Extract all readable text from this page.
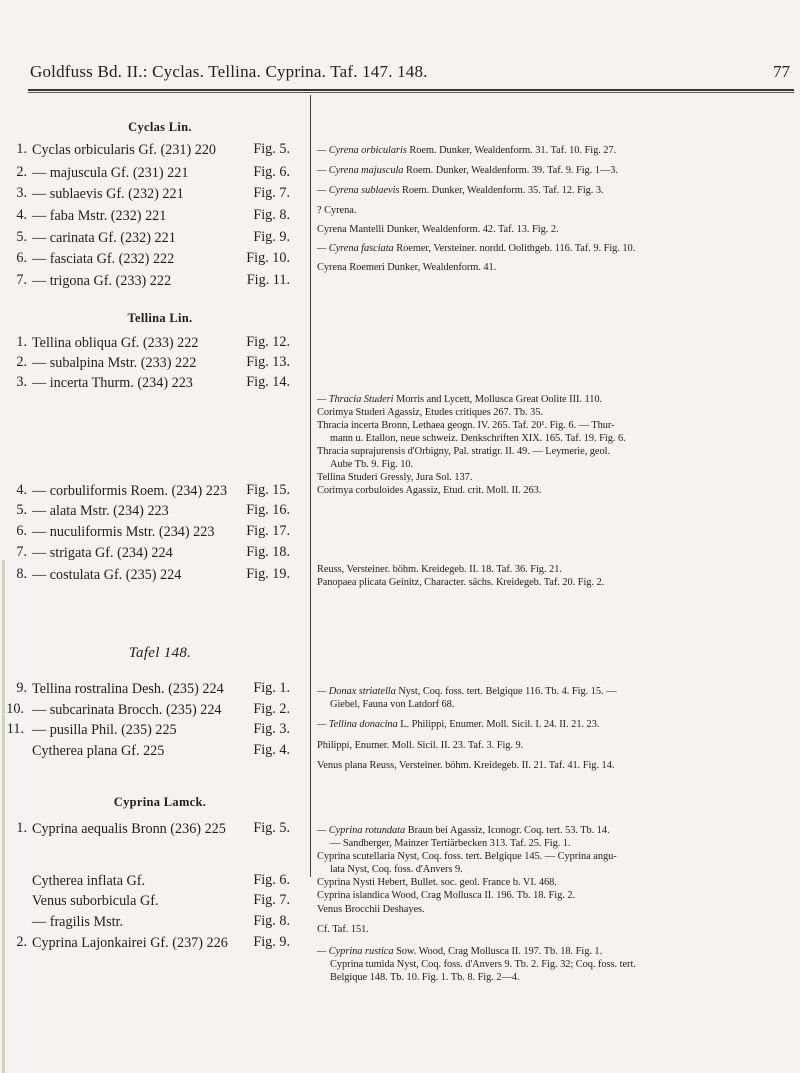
Goldfuss Bd. II.: Cyclas. Tellina. Cyprina. Taf. 147. 148.	77
Cyclas Lin.
1. Cyclas orbicularis Gf. (231) 220	Fig. 5.
2. — majuscula Gf. (231) 221	Fig. 6.
3. — sublaevis Gf. (232) 221	Fig. 7.
4. — faba Mstr. (232) 221	Fig. 8.
5. — carinata Gf. (232) 221	Fig. 9.
6. — fasciata Gf. (232) 222	Fig. 10.
7. — trigona Gf. (233) 222	Fig. 11.
Tellina Lin.
1. Tellina obliqua Gf. (233) 222	Fig. 12.
2. — subalpina Mstr. (233) 222	Fig. 13.
3. — incerta Thurm. (234) 223	Fig. 14.
4. — corbuliformis Roem. (234) 223 Fig. 15.
5. — alata Mstr. (234) 223	Fig. 16.
6. — nuculiformis Mstr. (234) 223 Fig. 17.
7. — strigata Gf. (234) 224	Fig. 18.
8. — costulata Gf. (235) 224	Fig. 19.
Tafel 148.
9. Tellina rostralina Desh. (235) 224 Fig. 1.
10. — subcarinata Brocch. (235) 224 Fig. 2.
11. — pusilla Phil. (235) 225	Fig. 3.
Cytherea plana Gf. 225	Fig. 4.
Cyprina Lamck.
1. Cyprina aequalis Bronn (236) 225 Fig. 5.
Cytherea inflata Gf.	Fig. 6.
Venus suborbicula Gf.	Fig. 7.
— fragilis Mstr.	Fig. 8.
2. Cyprina Lajonkairei Gf. (237) 226 Fig. 9.
— Cyrena orbicularis Roem. Dunker, Wealdenform. 31. Taf. 10. Fig. 27.
— Cyrena majuscula Roem. Dunker, Wealdenform. 39. Taf. 9. Fig. 1—3.
— Cyrena sublaevis Roem. Dunker, Wealdenform. 35. Taf. 12. Fig. 3.
? Cyrena.
Cyrena Mantelli Dunker, Wealdenform. 42. Taf. 13. Fig. 2.
— Cyrena fasciata Roemer, Versteiner. nordd. Oolithgeb. 116. Taf. 9. Fig. 10.
Cyrena Roemeri Dunker, Wealdenform. 41.
— Thracia Studeri Morris and Lycett, Mollusca Great Oolite III. 110.
Corimya Studeri Agassiz, Etudes critiques 267. Tb. 35.
Thracia incerta Bronn, Lethaea geogn. IV. 265. Taf. 20¹. Fig. 6. — Thur-
mann u. Etallon, neue schweiz. Denkschriften XIX. 165. Taf. 19. Fig. 6.
Thracia suprajurensis d'Orbigny, Pal. stratigr. II. 49. — Leymerie, geol.
Aube Tb. 9. Fig. 10.
Tellina Studeri Gressly, Jura Sol. 137.
Corimya corbuloides Agassiz, Etud. crit. Moll. II. 263.
Reuss, Versteiner. böhm. Kreidegeb. II. 18. Taf. 36. Fig. 21.
Panopaea plicata Geinitz, Character. sächs. Kreidegeb. Taf. 20. Fig. 2.
— Donax striatella Nyst, Coq. foss. tert. Belgique 116. Tb. 4. Fig. 15. —
Giebel, Fauna von Latdorf 68.
— Tellina donacina L. Philippi, Enumer. Moll. Sicil. I. 24. II. 21. 23.
Philippi, Enumer. Moll. Sicil. II. 23. Taf. 3. Fig. 9.
Venus plana Reuss, Versteiner. böhm. Kreidegeb. II. 21. Taf. 41. Fig. 14.
— Cyprina rotundata Braun bei Agassiz, Iconogr. Coq. tert. 53. Tb. 14.
— Sandberger, Mainzer Tertiärbecken 313. Taf. 25. Fig. 1.
Cyprina scutellaria Nyst, Coq. foss. tert. Belgique 145. — Cyprina angu-
lata Nyst, Coq. foss. d'Anvers 9.
Cyprina Nysti Hebert, Bullet. soc. geol. France b. VI. 468.
Cyprina islandica Wood, Crag Mollusca II. 196. Tb. 18. Fig. 2.
Venus Brocchii Deshayes.
Cf. Taf. 151.
— Cyprina rustica Sow. Wood, Crag Mollusca II. 197. Tb. 18. Fig. 1.
Cyprina tumida Nyst, Coq. foss. d'Anvers 9. Tb. 2. Fig. 32; Coq. foss. tert.
Belgique 148. Tb. 10. Fig. 1. Tb. 8. Fig. 2—4.
